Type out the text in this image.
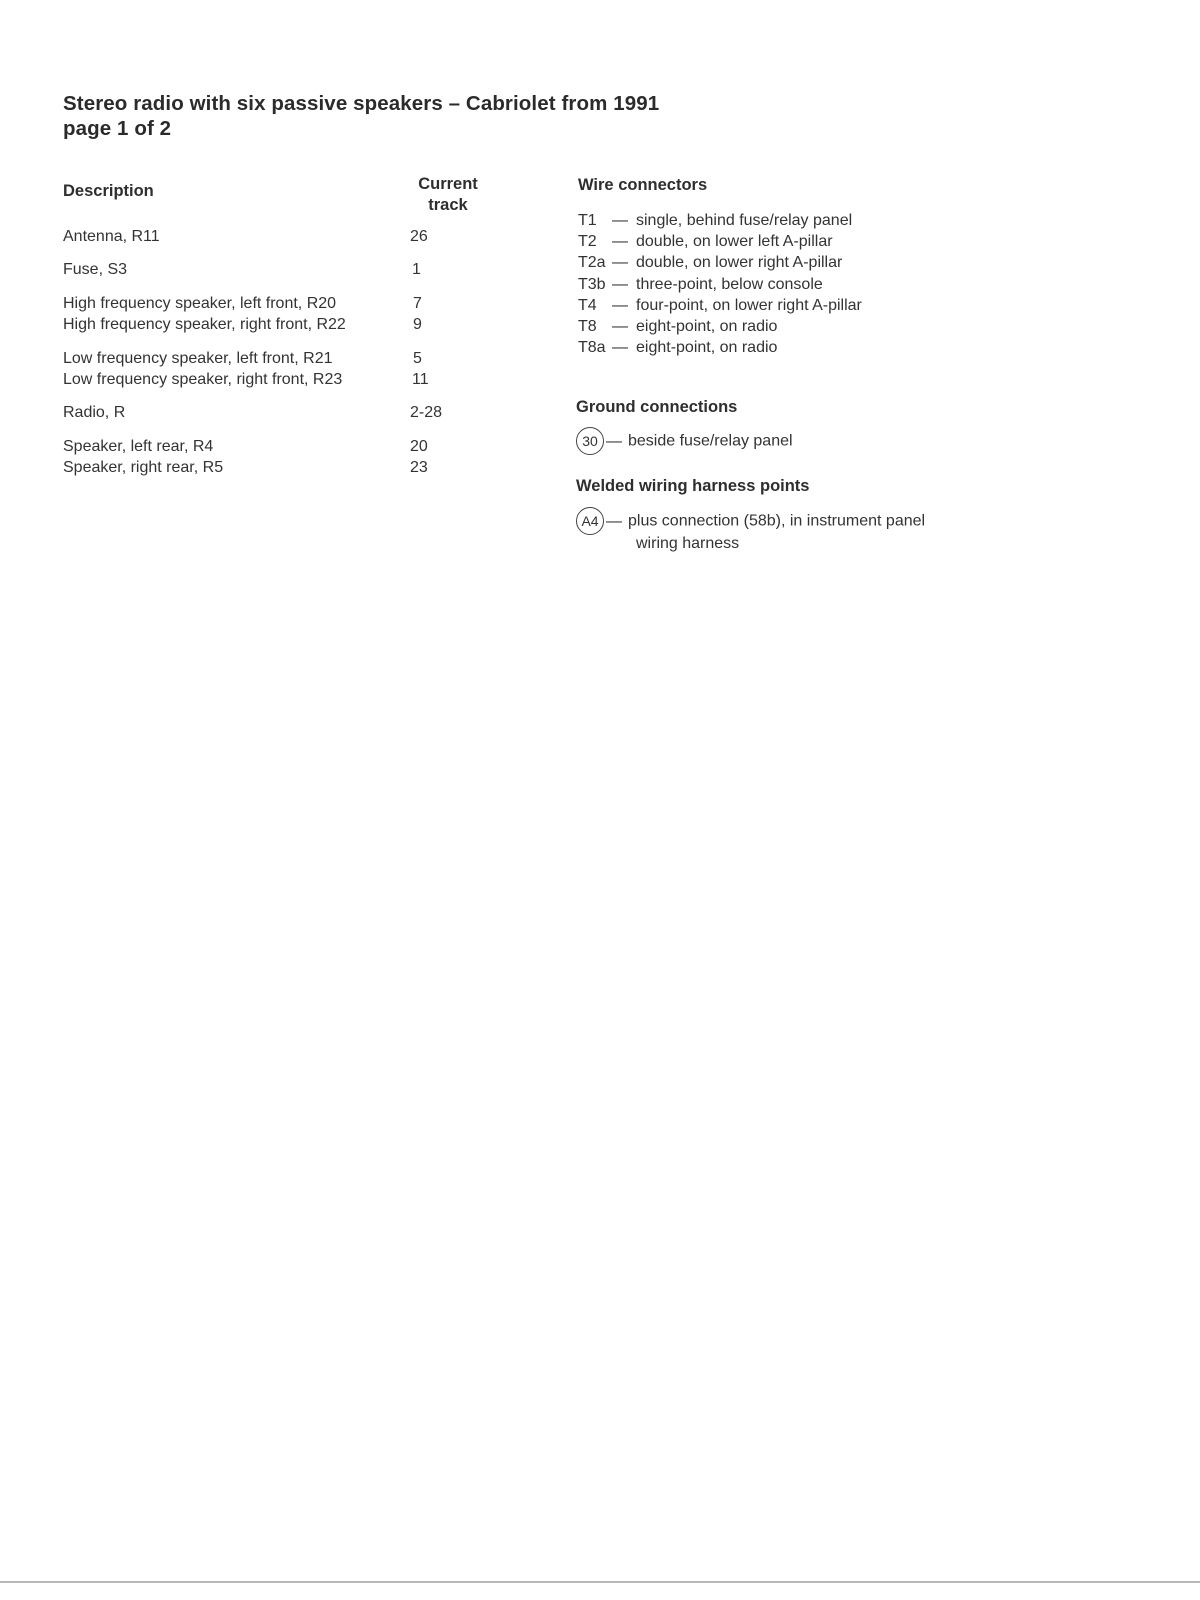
Stereo radio with six passive speakers – Cabriolet from 1991
page 1 of 2
Description	Current
track
Antenna, R11	26
Fuse, S3	1
High frequency speaker, left front, R20	7
High frequency speaker, right front, R22	9
Low frequency speaker, left front, R21	5
Low frequency speaker, right front, R23	11
Radio, R	2-28
Speaker, left rear, R4	20
Speaker, right rear, R5	23
Wire connectors
T1 — single, behind fuse/relay panel
T2 — double, on lower left A-pillar
T2a — double, on lower right A-pillar
T3b — three-point, below console
T4 — four-point, on lower right A-pillar
T8 — eight-point, on radio
T8a — eight-point, on radio
Ground connections
30 — beside fuse/relay panel
Welded wiring harness points
A4 — plus connection (58b), in instrument panel
wiring harness
